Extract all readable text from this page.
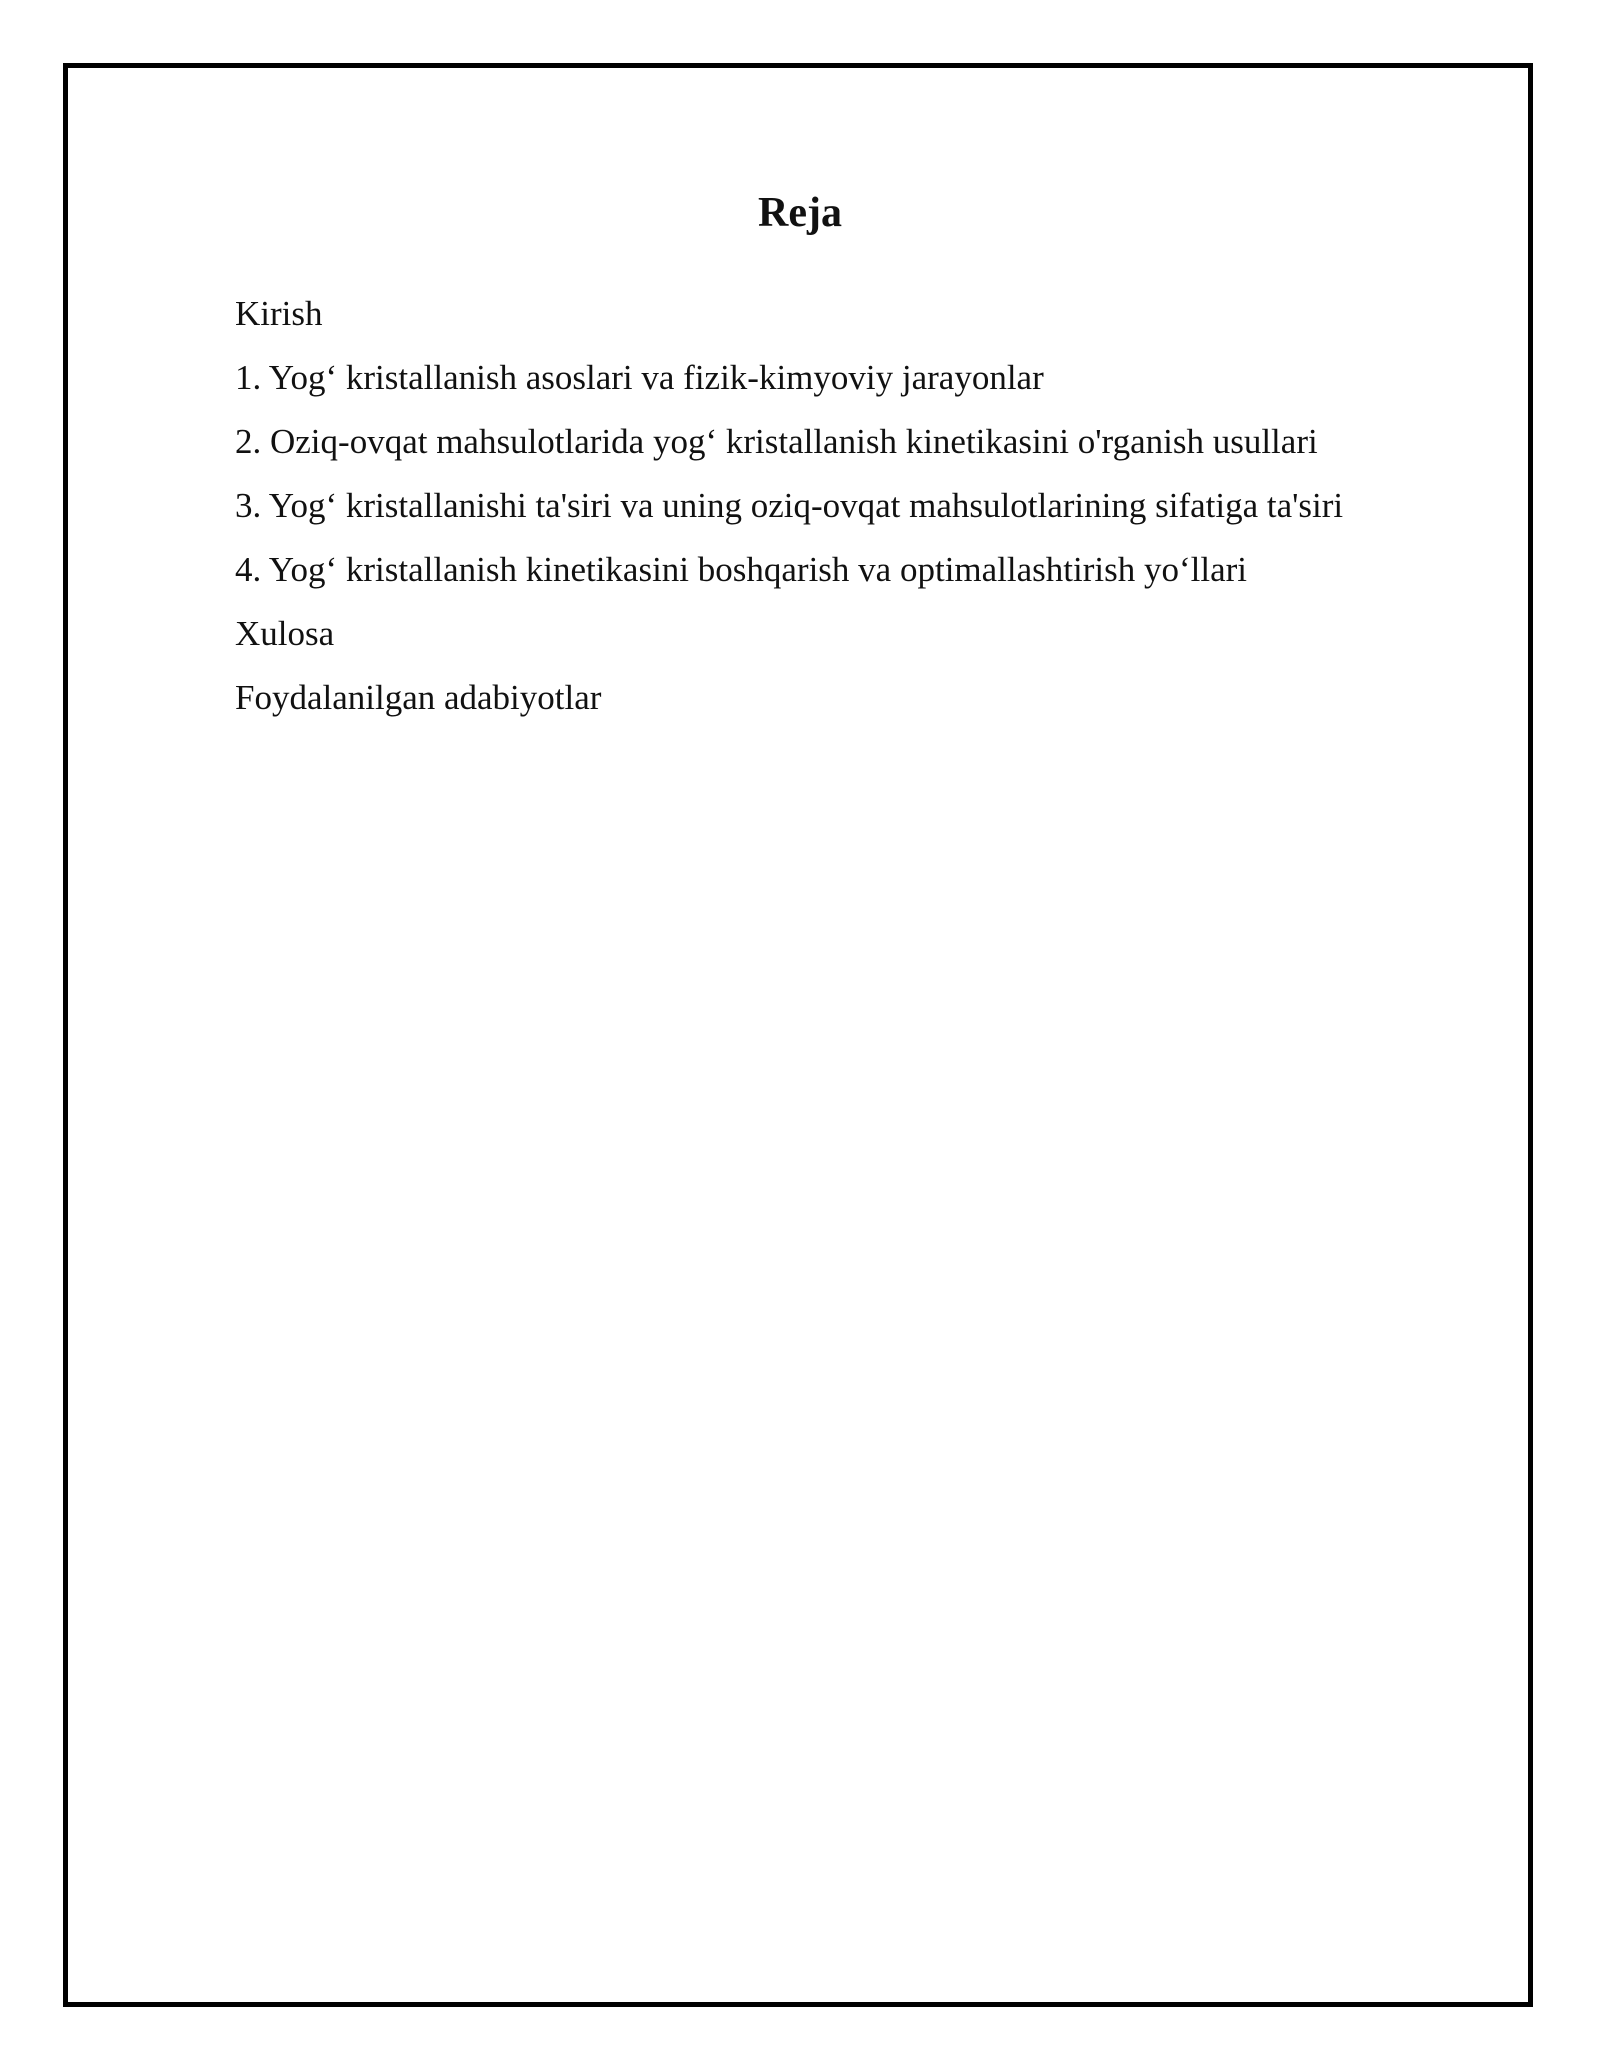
Reja
Kirish
1. Yog‘ kristallanish asoslari va fizik-kimyoviy jarayonlar
2. Oziq-ovqat mahsulotlarida yog‘ kristallanish kinetikasini o'rganish usullari
3. Yog‘ kristallanishi ta'siri va uning oziq-ovqat mahsulotlarining sifatiga ta'siri
4. Yog‘ kristallanish kinetikasini boshqarish va optimallashtirish yo‘llari
Xulosa
Foydalanilgan adabiyotlar
